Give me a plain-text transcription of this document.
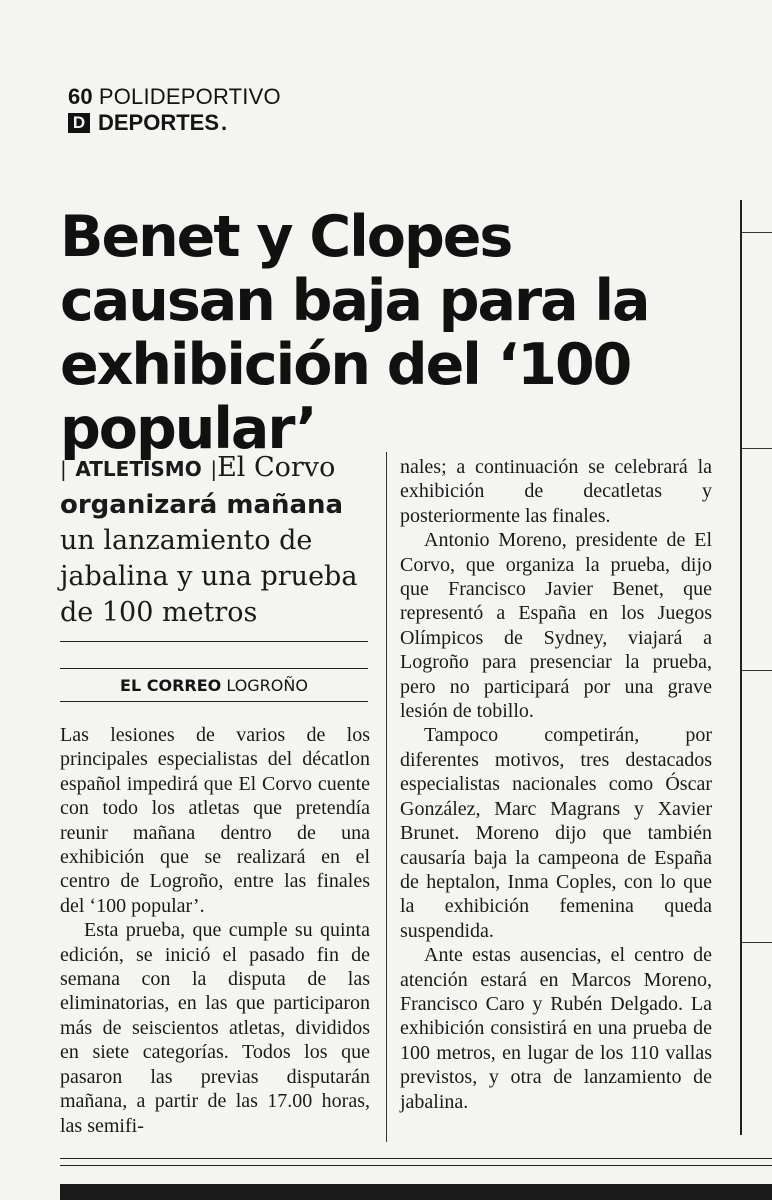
60 POLIDEPORTIVO
D DEPORTES .
Benet y Clopes causan baja para la exhibición del ‘100 popular’
| ATLETISMO |El Corvo organizará mañana un lanzamiento de jabalina y una prueba de 100 metros
EL CORREO LOGROÑO

Las lesiones de varios de los principales especialistas del décatlon español impedirá que El Corvo cuente con todo los atletas que pretendía reunir mañana dentro de una exhibición que se realizará en el centro de Logroño, entre las finales del ‘100 popular’.

Esta prueba, que cumple su quinta edición, se inició el pasado fin de semana con la disputa de las eliminatorias, en las que participaron más de seiscientos atletas, divididos en siete categorías. Todos los que pasaron las previas disputarán mañana, a partir de las 17.00 horas, las semifi-

nales; a continuación se celebrará la exhibición de decatletas y posteriormente las finales.

Antonio Moreno, presidente de El Corvo, que organiza la prueba, dijo que Francisco Javier Benet, que representó a España en los Juegos Olímpicos de Sydney, viajará a Logroño para presenciar la prueba, pero no participará por una grave lesión de tobillo.

Tampoco competirán, por diferentes motivos, tres destacados especialistas nacionales como Óscar González, Marc Magrans y Xavier Brunet. Moreno dijo que también causaría baja la campeona de España de heptalon, Inma Coples, con lo que la exhibición femenina queda suspendida.

Ante estas ausencias, el centro de atención estará en Marcos Moreno, Francisco Caro y Rubén Delgado. La exhibición consistirá en una prueba de 100 metros, en lugar de los 110 vallas previstos, y otra de lanzamiento de jabalina.
